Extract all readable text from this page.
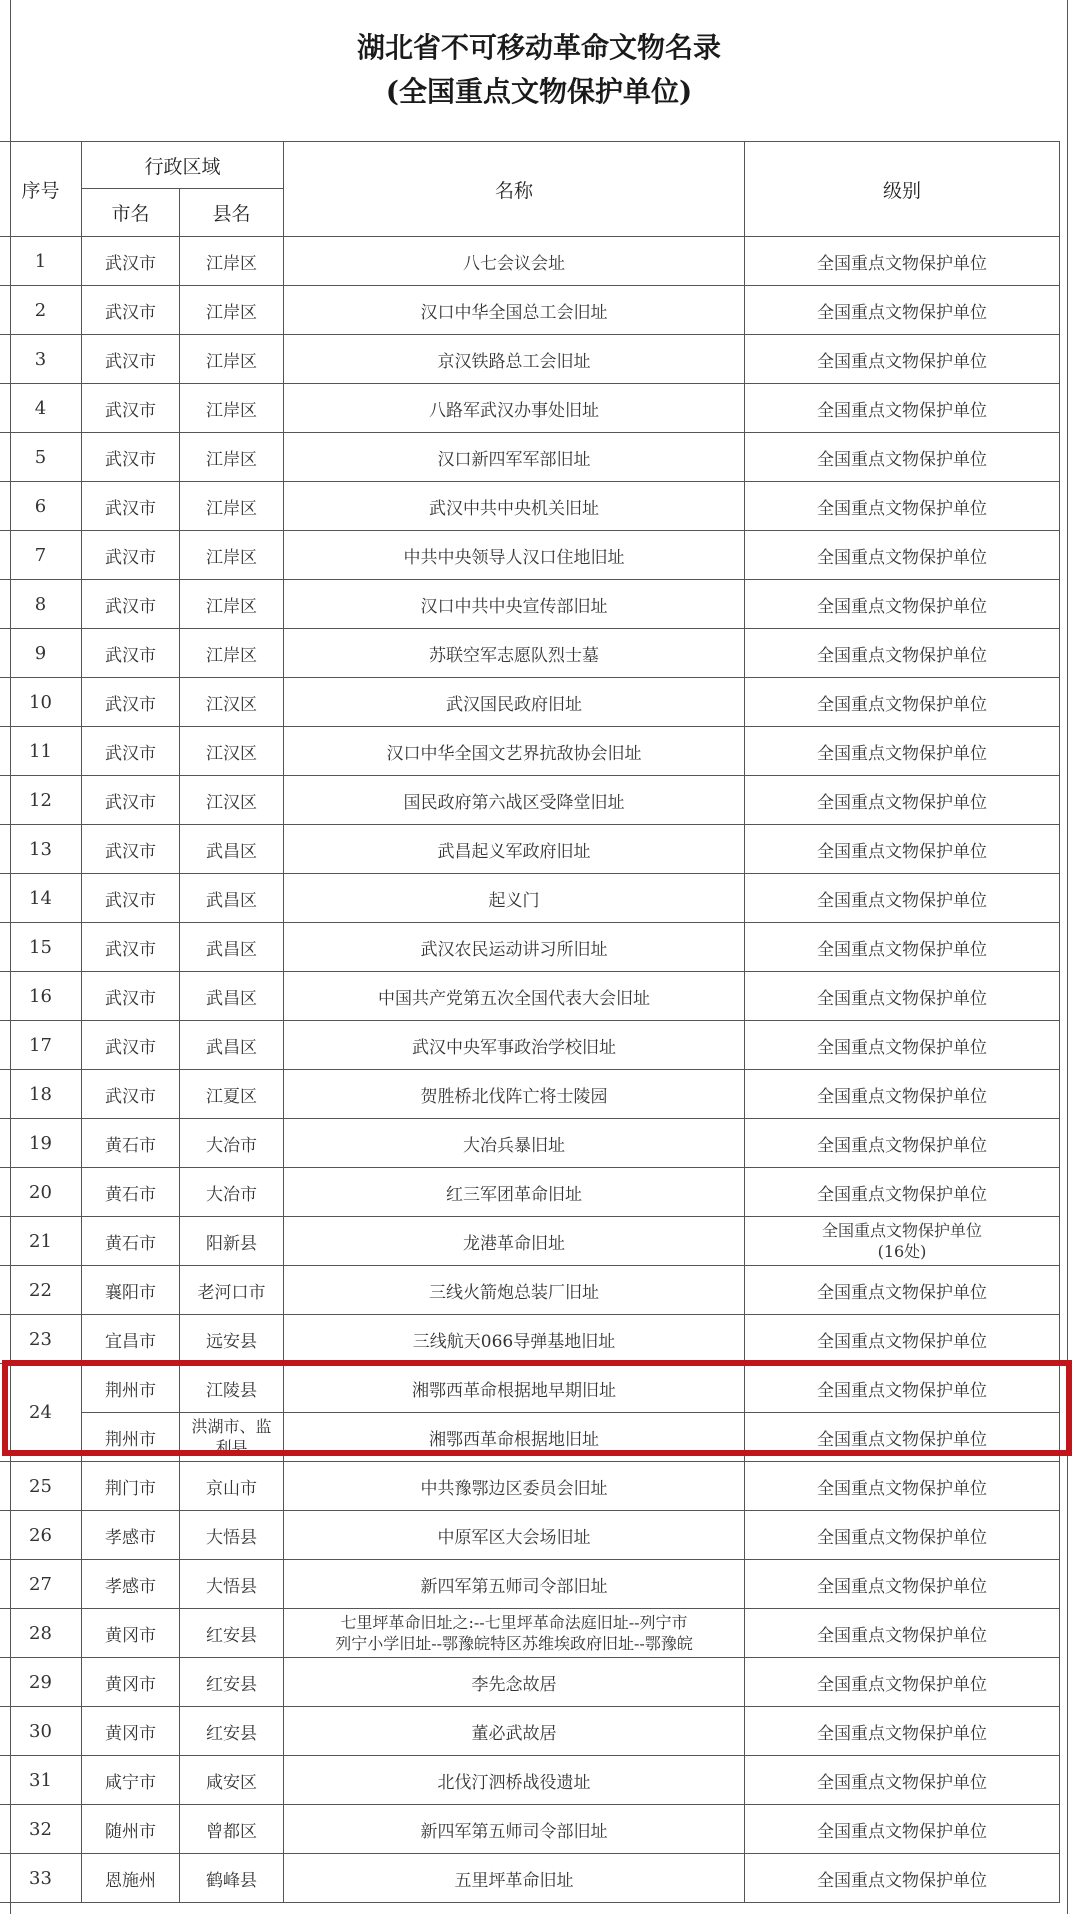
湖北省不可移动革命文物名录
(全国重点文物保护单位)
序号	行政区域		名称	级别
	市名	县名		
1	武汉市	江岸区	八七会议会址	全国重点文物保护单位
2	武汉市	江岸区	汉口中华全国总工会旧址	全国重点文物保护单位
3	武汉市	江岸区	京汉铁路总工会旧址	全国重点文物保护单位
4	武汉市	江岸区	八路军武汉办事处旧址	全国重点文物保护单位
5	武汉市	江岸区	汉口新四军军部旧址	全国重点文物保护单位
6	武汉市	江岸区	武汉中共中央机关旧址	全国重点文物保护单位
7	武汉市	江岸区	中共中央领导人汉口住地旧址	全国重点文物保护单位
8	武汉市	江岸区	汉口中共中央宣传部旧址	全国重点文物保护单位
9	武汉市	江岸区	苏联空军志愿队烈士墓	全国重点文物保护单位
10	武汉市	江汉区	武汉国民政府旧址	全国重点文物保护单位
11	武汉市	江汉区	汉口中华全国文艺界抗敌协会旧址	全国重点文物保护单位
12	武汉市	江汉区	国民政府第六战区受降堂旧址	全国重点文物保护单位
13	武汉市	武昌区	武昌起义军政府旧址	全国重点文物保护单位
14	武汉市	武昌区	起义门	全国重点文物保护单位
15	武汉市	武昌区	武汉农民运动讲习所旧址	全国重点文物保护单位
16	武汉市	武昌区	中国共产党第五次全国代表大会旧址	全国重点文物保护单位
17	武汉市	武昌区	武汉中央军事政治学校旧址	全国重点文物保护单位
18	武汉市	江夏区	贺胜桥北伐阵亡将士陵园	全国重点文物保护单位
19	黄石市	大冶市	大冶兵暴旧址	全国重点文物保护单位
20	黄石市	大冶市	红三军团革命旧址	全国重点文物保护单位
21	黄石市	阳新县	龙港革命旧址	全国重点文物保护单位
(16处)

22	襄阳市	老河口市	三线火箭炮总装厂旧址	全国重点文物保护单位
23	宜昌市	远安县	三线航天066导弹基地旧址	全国重点文物保护单位
24	荆州市	江陵县	湘鄂西革命根据地早期旧址	全国重点文物保护单位
	荆州市	洪湖市、监
利县	湘鄂西革命根据地旧址	全国重点文物保护单位
25	荆门市	京山市	中共豫鄂边区委员会旧址	全国重点文物保护单位
26	孝感市	大悟县	中原军区大会场旧址	全国重点文物保护单位
27	孝感市	大悟县	新四军第五师司令部旧址	全国重点文物保护单位
28	黄冈市	红安县	七里坪革命旧址之:--七里坪革命法庭旧址--列宁市
列宁小学旧址--鄂豫皖特区苏维埃政府旧址--鄂豫皖	全国重点文物保护单位
29	黄冈市	红安县	李先念故居	全国重点文物保护单位
30	黄冈市	红安县	董必武故居	全国重点文物保护单位
31	咸宁市	咸安区	北伐汀泗桥战役遗址	全国重点文物保护单位
32	随州市	曾都区	新四军第五师司令部旧址	全国重点文物保护单位
33	恩施州	鹤峰县	五里坪革命旧址	全国重点文物保护单位
